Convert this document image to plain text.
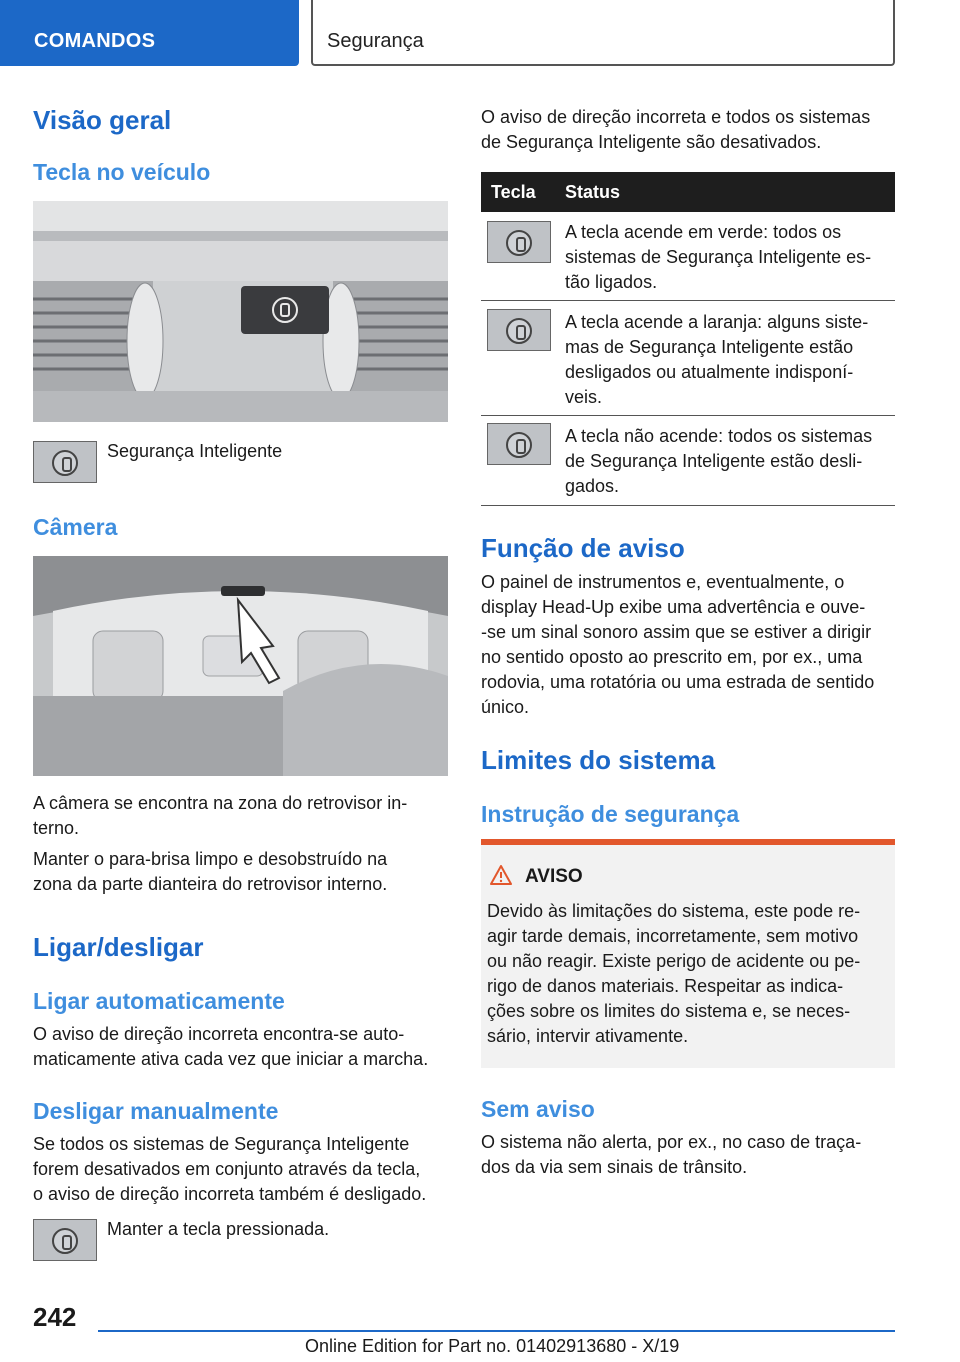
COMANDOS	Segurança
Visão geral
Tecla no veículo
Segurança Inteligente
Câmera
A câmera se encontra na zona do retrovisor in‐
terno.
Manter o para-brisa limpo e desobstruído na
zona da parte dianteira do retrovisor interno.
Ligar/desligar
Ligar automaticamente
O aviso de direção incorreta encontra-se auto‐
maticamente ativa cada vez que iniciar a marcha.
Desligar manualmente
Se todos os sistemas de Segurança Inteligente
forem desativados em conjunto através da tecla,
o aviso de direção incorreta também é desligado.
Manter a tecla pressionada.
O aviso de direção incorreta e todos os sistemas
de Segurança Inteligente são desativados.
Tecla Status
A tecla acende em verde: todos os
sistemas de Segurança Inteligente es‐
tão ligados.
A tecla acende a laranja: alguns siste‐
mas de Segurança Inteligente estão
desligados ou atualmente indisponí‐
veis.
A tecla não acende: todos os sistemas
de Segurança Inteligente estão desli‐
gados.
Função de aviso
O painel de instrumentos e, eventualmente, o
display Head-Up exibe uma advertência e ouve‐
-se um sinal sonoro assim que se estiver a dirigir
no sentido oposto ao prescrito em, por ex., uma
rodovia, uma rotatória ou uma estrada de sentido
único.
Limites do sistema
Instrução de segurança
AVISO
Devido às limitações do sistema, este pode re‐
agir tarde demais, incorretamente, sem motivo
ou não reagir. Existe perigo de acidente ou pe‐
rigo de danos materiais. Respeitar as indica‐
ções sobre os limites do sistema e, se neces‐
sário, intervir ativamente.
Sem aviso
O sistema não alerta, por ex., no caso de traça‐
dos da via sem sinais de trânsito.
242
Online Edition for Part no. 01402913680 - X/19
